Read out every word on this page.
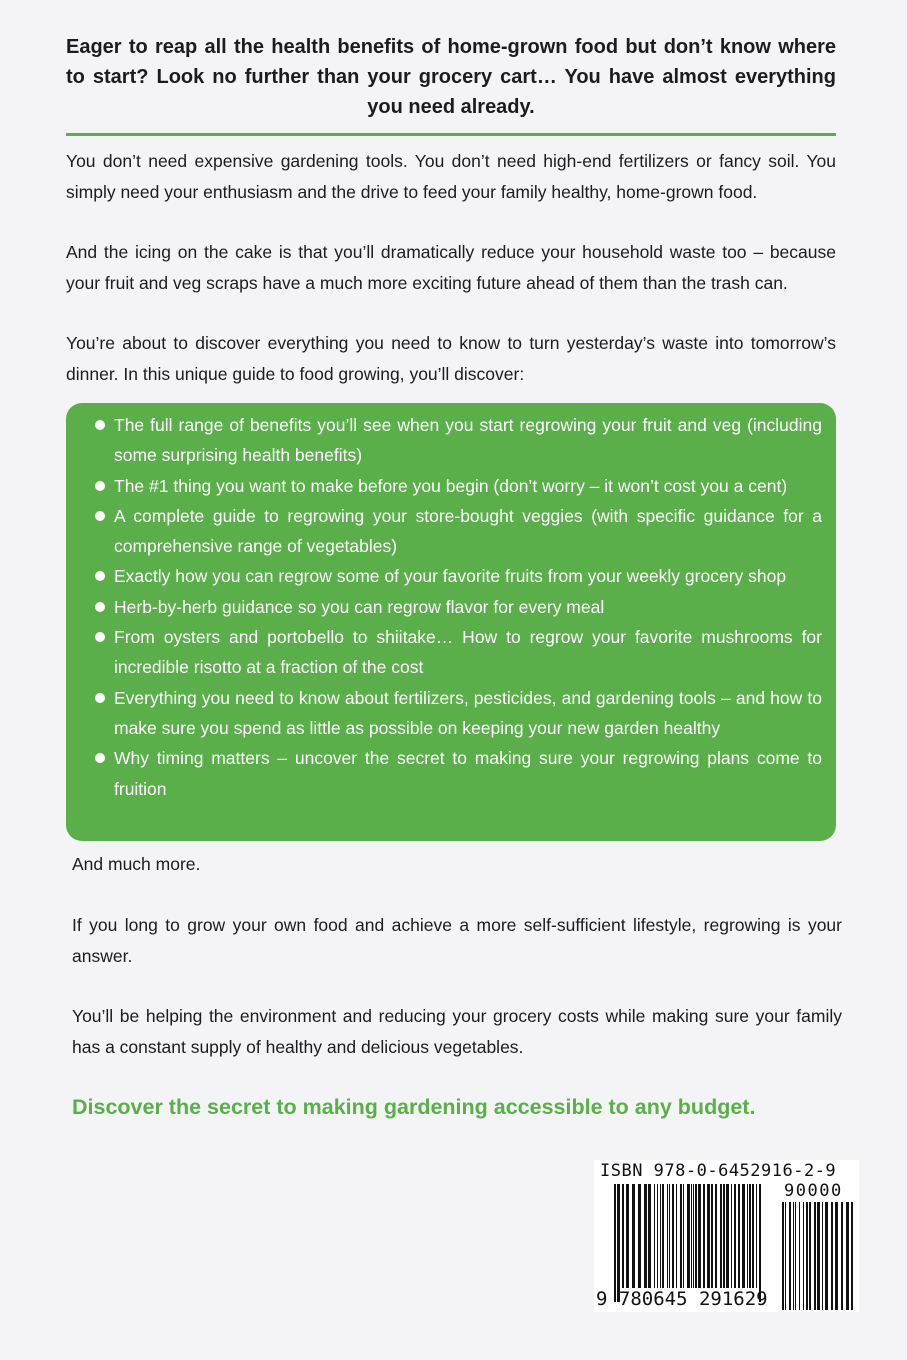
Eager to reap all the health benefits of home-grown food but don’t know where to start? Look no further than your grocery cart… You have almost everything you need already.
You don’t need expensive gardening tools. You don’t need high-end fertilizers or fancy soil. You simply need your enthusiasm and the drive to feed your family healthy, home-grown food.
And the icing on the cake is that you’ll dramatically reduce your household waste too – because your fruit and veg scraps have a much more exciting future ahead of them than the trash can.
You’re about to discover everything you need to know to turn yesterday’s waste into tomorrow’s dinner. In this unique guide to food growing, you’ll discover:
The full range of benefits you’ll see when you start regrowing your fruit and veg (including some surprising health benefits)
The #1 thing you want to make before you begin (don’t worry – it won’t cost you a cent)
A complete guide to regrowing your store-bought veggies (with specific guidance for a comprehensive range of vegetables)
Exactly how you can regrow some of your favorite fruits from your weekly grocery shop
Herb-by-herb guidance so you can regrow flavor for every meal
From oysters and portobello to shiitake… How to regrow your favorite mushrooms for incredible risotto at a fraction of the cost
Everything you need to know about fertilizers, pesticides, and gardening tools – and how to make sure you spend as little as possible on keeping your new garden healthy
Why timing matters – uncover the secret to making sure your regrowing plans come to fruition
And much more.
If you long to grow your own food and achieve a more self-sufficient lifestyle, regrowing is your answer.
You’ll be helping the environment and reducing your grocery costs while making sure your family has a constant supply of healthy and delicious vegetables.
Discover the secret to making gardening accessible to any budget.
ISBN 978-0-6452916-2-9
90000
9 780645 291629
